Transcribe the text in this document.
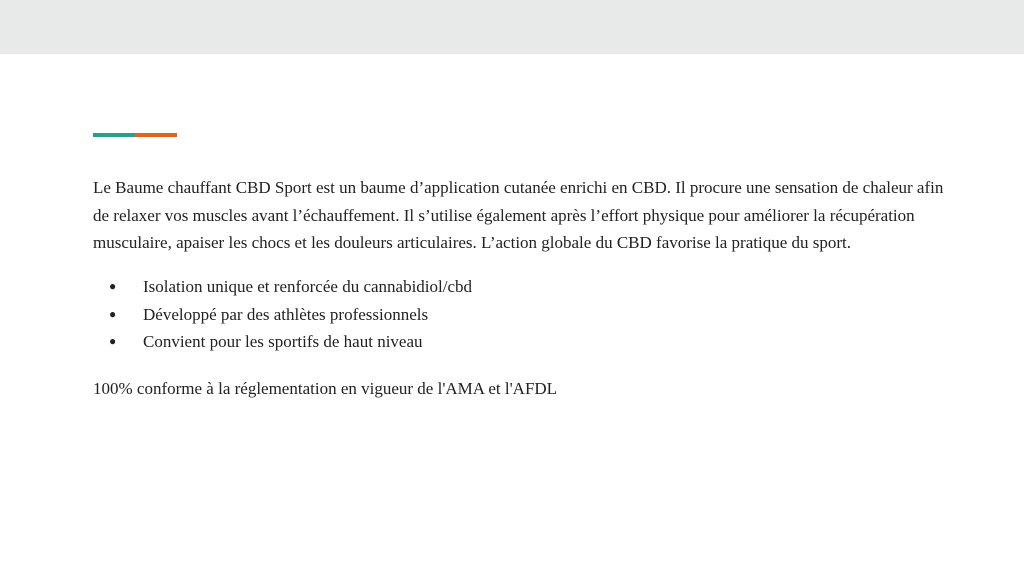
Le Baume chauffant CBD Sport est un baume d’application cutanée enrichi en CBD. Il procure une sensation de chaleur afin de relaxer vos muscles avant l’échauffement. Il s’utilise également après l’effort physique pour améliorer la récupération musculaire, apaiser les chocs et les douleurs articulaires. L’action globale du CBD favorise la pratique du sport.

● Isolation unique et renforcée du cannabidiol/cbd
● Développé par des athlètes professionnels
● Convient pour les sportifs de haut niveau

100% conforme à la réglementation en vigueur de l'AMA et l'AFDL
